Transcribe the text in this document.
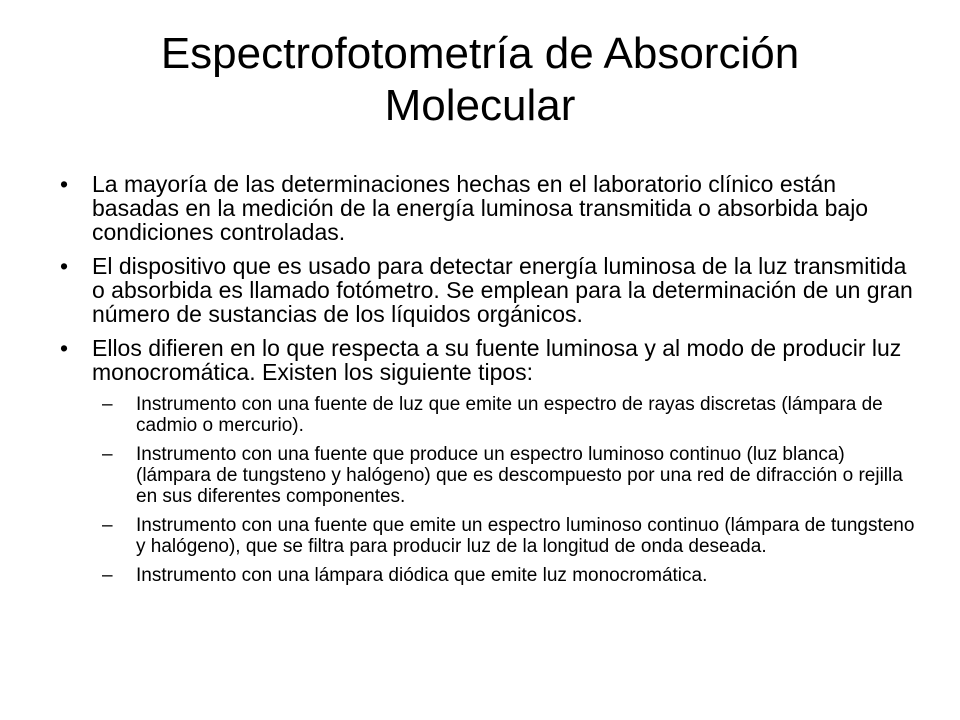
Espectrofotometría de Absorción Molecular
• La mayoría de las determinaciones hechas en el laboratorio clínico están basadas en la medición de la energía luminosa transmitida o absorbida bajo condiciones controladas.
• El dispositivo que es usado para detectar energía luminosa de la luz transmitida o absorbida es llamado fotómetro. Se emplean para la determinación de un gran número de sustancias de los líquidos orgánicos.
• Ellos difieren en lo que respecta a su fuente luminosa y al modo de producir luz monocromática. Existen los siguiente tipos:
– Instrumento con una fuente de luz que emite un espectro de rayas discretas (lámpara de cadmio o mercurio).
– Instrumento con una fuente que produce un espectro luminoso continuo (luz blanca) (lámpara de tungsteno y halógeno) que es descompuesto por una red de difracción o rejilla en sus diferentes componentes.
– Instrumento con una fuente que emite un espectro luminoso continuo (lámpara de tungsteno y halógeno), que se filtra para producir luz de la longitud de onda deseada.
– Instrumento con una lámpara diódica que emite luz monocromática.
